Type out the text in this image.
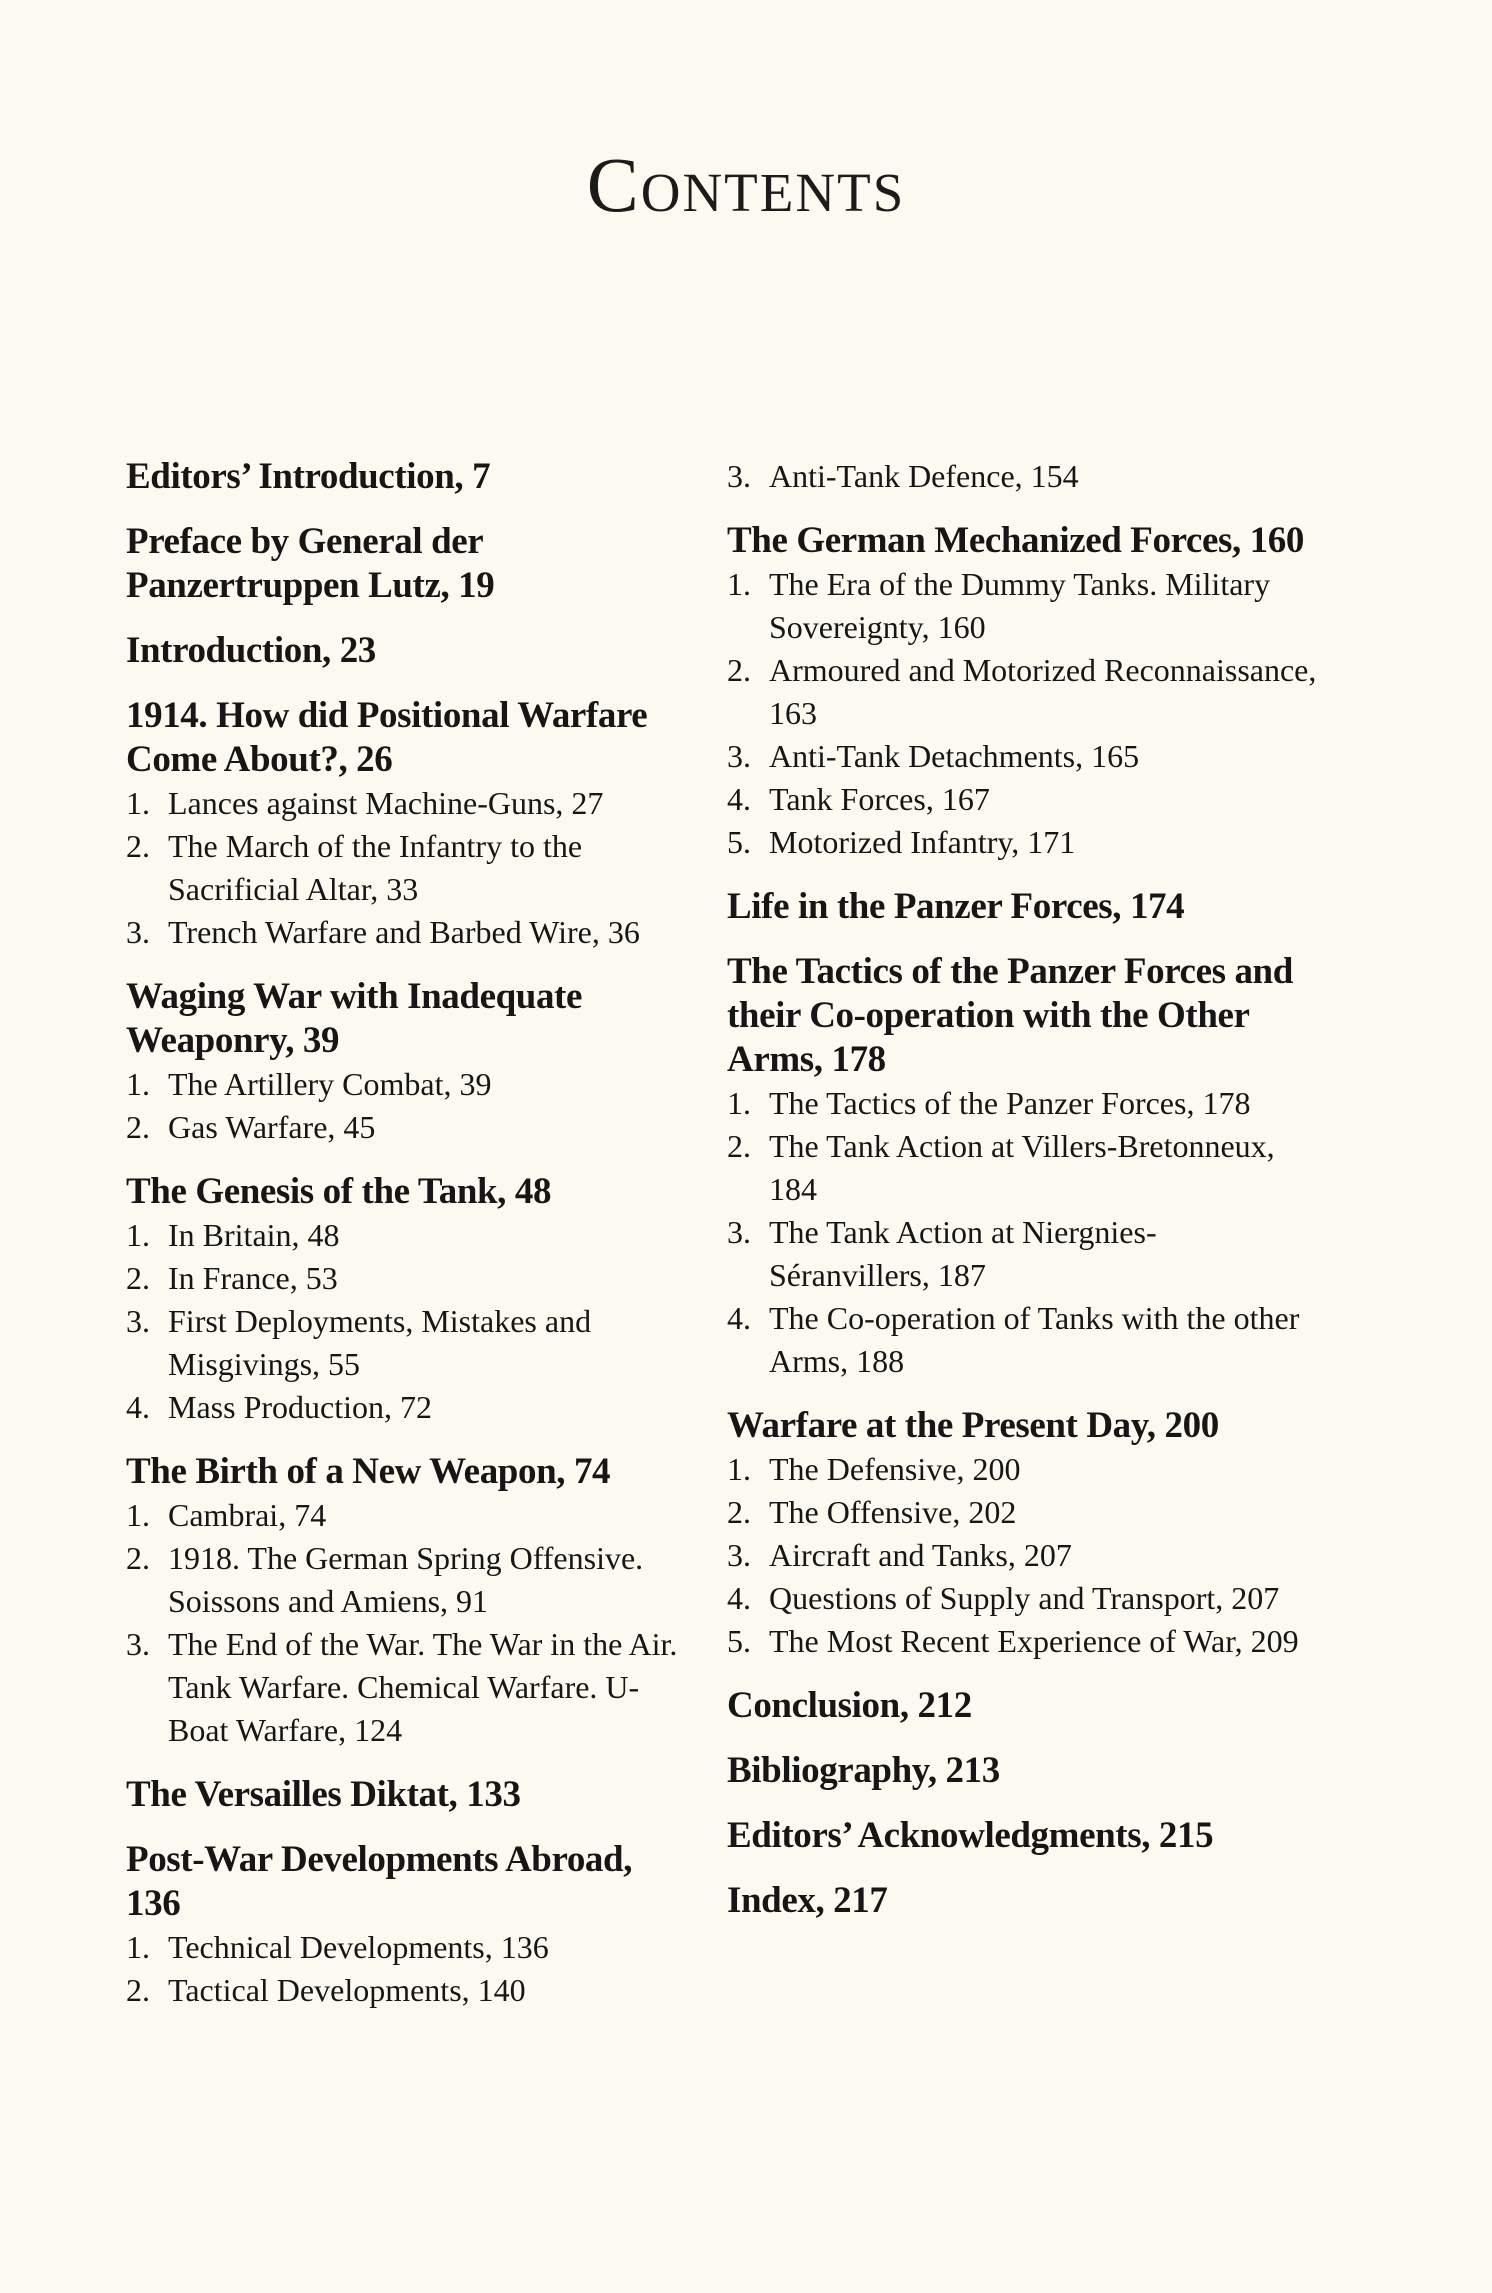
Contents
Editors’ Introduction, 7
Preface by General der Panzertruppen Lutz, 19
Introduction, 23
1914. How did Positional Warfare Come About?, 26
1. Lances against Machine-Guns, 27
2. The March of the Infantry to the Sacrificial Altar, 33
3. Trench Warfare and Barbed Wire, 36
Waging War with Inadequate Weaponry, 39
1. The Artillery Combat, 39
2. Gas Warfare, 45
The Genesis of the Tank, 48
1. In Britain, 48
2. In France, 53
3. First Deployments, Mistakes and Misgivings, 55
4. Mass Production, 72
The Birth of a New Weapon, 74
1. Cambrai, 74
2. 1918. The German Spring Offensive. Soissons and Amiens, 91
3. The End of the War. The War in the Air. Tank Warfare. Chemical Warfare. U-Boat Warfare, 124
The Versailles Diktat, 133
Post-War Developments Abroad, 136
1. Technical Developments, 136
2. Tactical Developments, 140
3. Anti-Tank Defence, 154
The German Mechanized Forces, 160
1. The Era of the Dummy Tanks. Military Sovereignty, 160
2. Armoured and Motorized Reconnaissance, 163
3. Anti-Tank Detachments, 165
4. Tank Forces, 167
5. Motorized Infantry, 171
Life in the Panzer Forces, 174
The Tactics of the Panzer Forces and their Co-operation with the Other Arms, 178
1. The Tactics of the Panzer Forces, 178
2. The Tank Action at Villers-Bretonneux, 184
3. The Tank Action at Niergnies-Séranvillers, 187
4. The Co-operation of Tanks with the other Arms, 188
Warfare at the Present Day, 200
1. The Defensive, 200
2. The Offensive, 202
3. Aircraft and Tanks, 207
4. Questions of Supply and Transport, 207
5. The Most Recent Experience of War, 209
Conclusion, 212
Bibliography, 213
Editors’ Acknowledgments, 215
Index, 217
